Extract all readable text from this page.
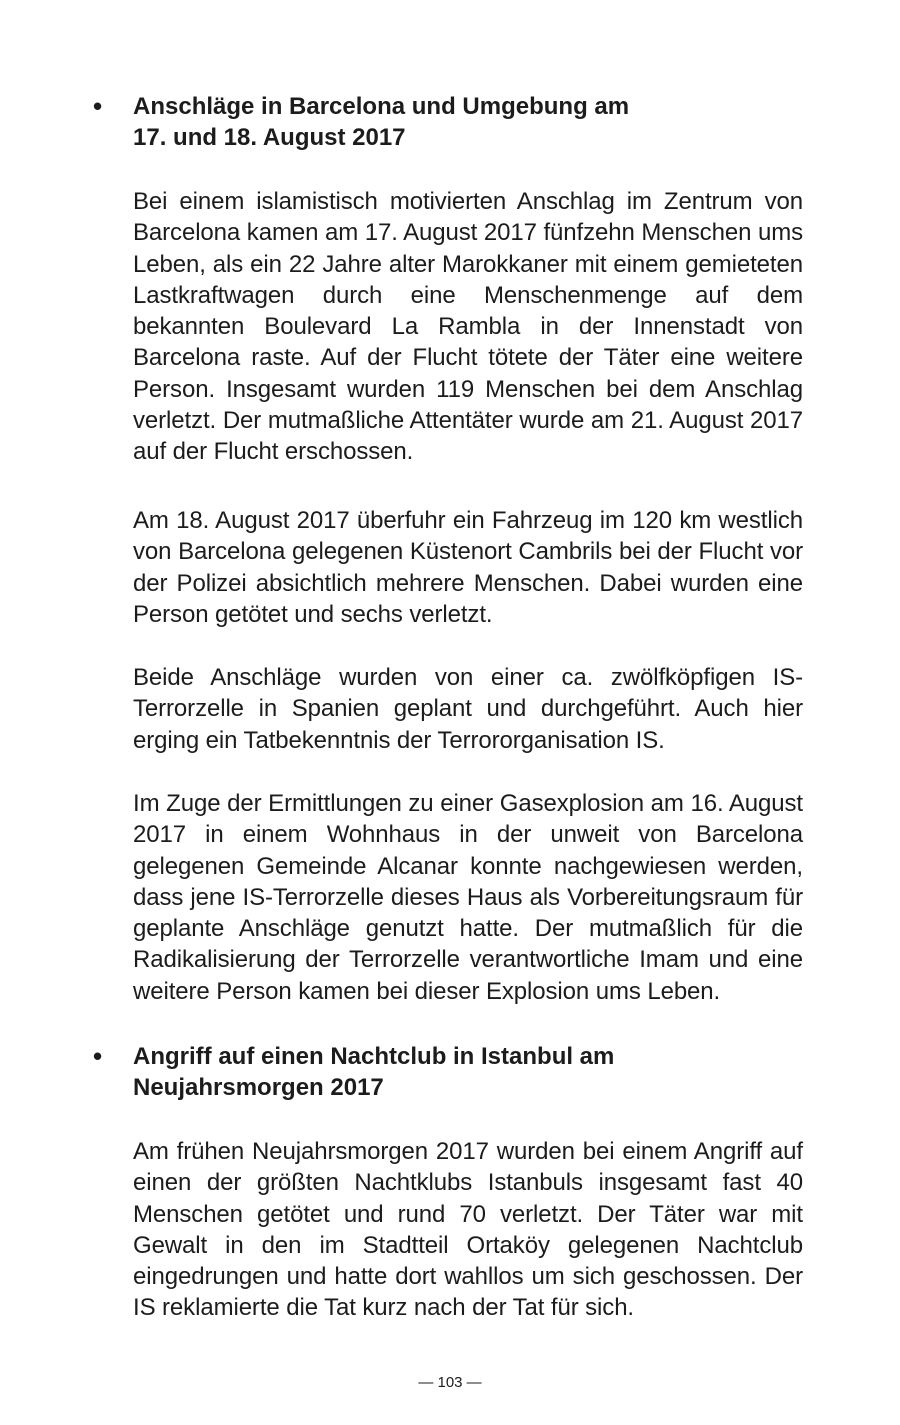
• Anschläge in Barcelona und Umgebung am 17. und 18. August 2017

Bei einem islamistisch motivierten Anschlag im Zentrum von Barcelona kamen am 17. August 2017 fünfzehn Menschen ums Leben, als ein 22 Jahre alter Marokkaner mit einem gemieteten Lastkraftwagen durch eine Menschenmenge auf dem bekannten Boulevard La Rambla in der Innenstadt von Barcelona raste. Auf der Flucht tötete der Täter eine weitere Person. Insgesamt wurden 119 Menschen bei dem Anschlag verletzt. Der mutmaßliche Attentäter wurde am 21. August 2017 auf der Flucht erschossen.

Am 18. August 2017 überfuhr ein Fahrzeug im 120 km westlich von Barcelona gelegenen Küstenort Cambrils bei der Flucht vor der Polizei absichtlich mehrere Menschen. Dabei wurden eine Person getötet und sechs verletzt.

Beide Anschläge wurden von einer ca. zwölfköpfigen IS-Terrorzelle in Spanien geplant und durchgeführt. Auch hier erging ein Tatbekenntnis der Terrororganisation IS.

Im Zuge der Ermittlungen zu einer Gasexplosion am 16. August 2017 in einem Wohnhaus in der unweit von Barcelona gelegenen Gemeinde Alcanar konnte nachgewiesen werden, dass jene IS-Terrorzelle dieses Haus als Vorbereitungsraum für geplante Anschläge genutzt hatte. Der mutmaßlich für die Radikalisierung der Terrorzelle verantwortliche Imam und eine weitere Person kamen bei dieser Explosion ums Leben.

• Angriff auf einen Nachtclub in Istanbul am Neujahrsmorgen 2017

Am frühen Neujahrsmorgen 2017 wurden bei einem Angriff auf einen der größten Nachtklubs Istanbuls insgesamt fast 40 Menschen getötet und rund 70 verletzt. Der Täter war mit Gewalt in den im Stadtteil Ortaköy gelegenen Nachtclub eingedrungen und hatte dort wahllos um sich geschossen. Der IS reklamierte die Tat kurz nach der Tat für sich.

— 103 —
